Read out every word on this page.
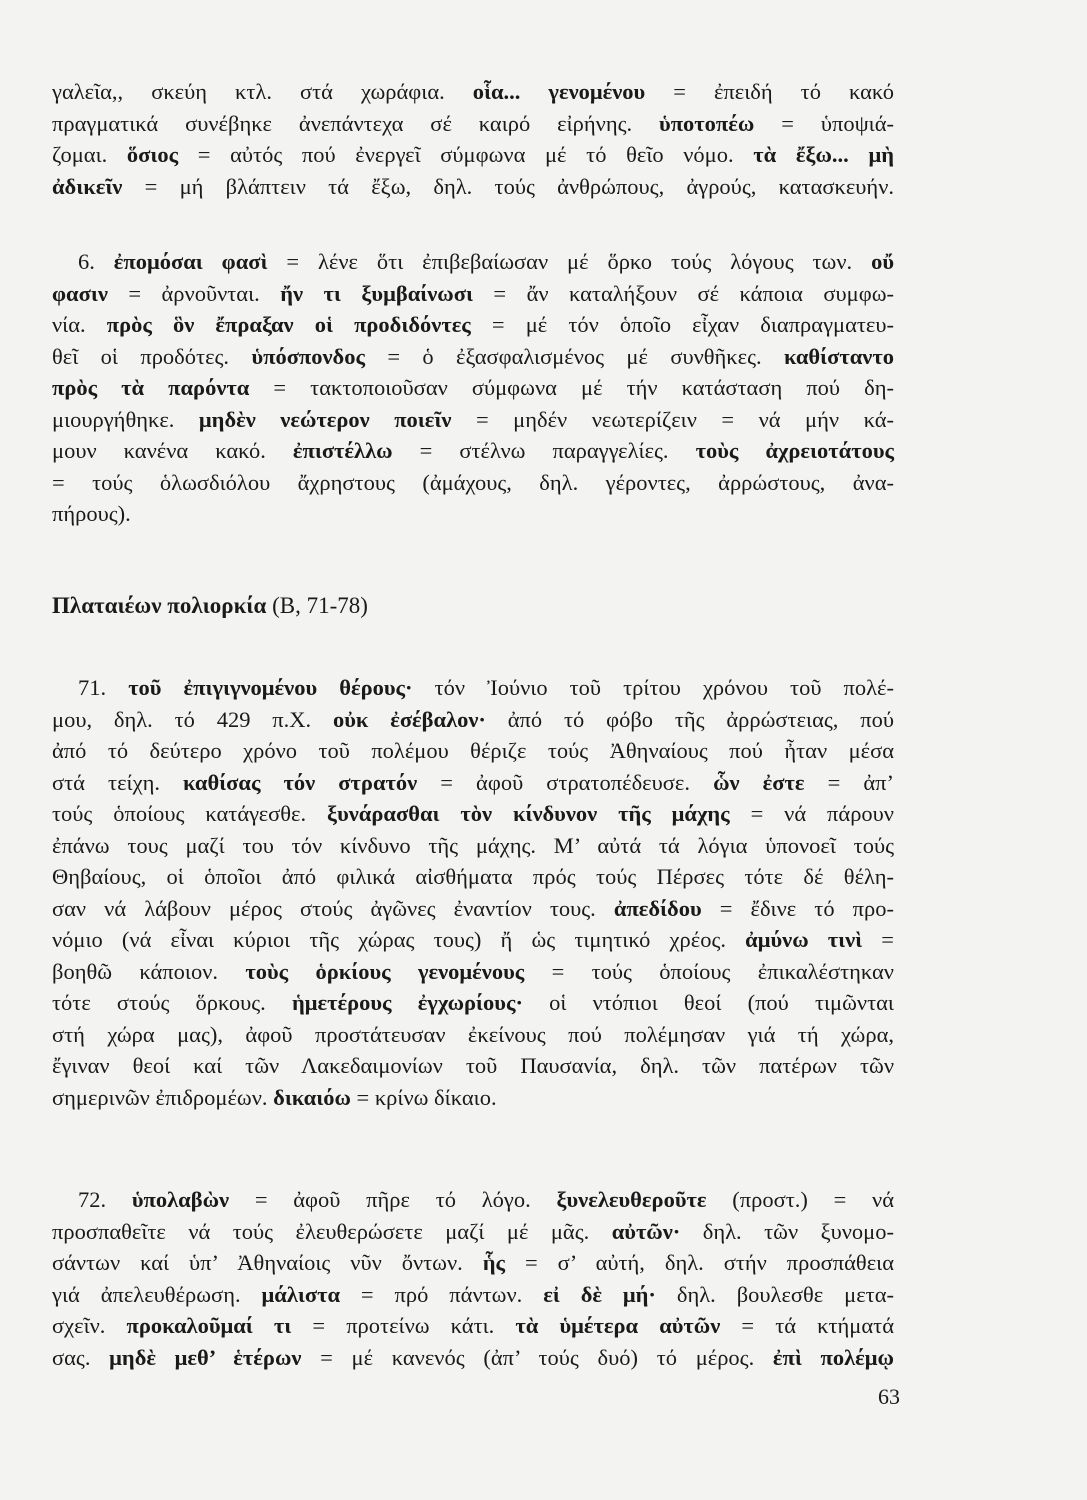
γαλεῖα,, σκεύη κτλ. στά χωράφια. οἷα... γενομένου = ἐπειδή τό κακό
πραγματικά συνέβηκε ἀνεπάντεχα σέ καιρό εἰρήνης. ὑποτοπέω = ὑποψιά-
ζομαι. ὅσιος = αὐτός πού ἐνεργεῖ σύμφωνα μέ τό θεῖο νόμο. τὰ ἔξω... μὴ
ἀδικεῖν = μή βλάπτειν τά ἔξω, δηλ. τούς ἀνθρώπους, ἀγρούς, κατασκευήν.
6. ἐπομόσαι φασὶ = λένε ὅτι ἐπιβεβαίωσαν μέ ὅρκο τούς λόγους των. οὔ
φασιν = ἀρνοῦνται. ἤν τι ξυμβαίνωσι = ἄν καταλήξουν σέ κάποια συμφω-
νία. πρὸς ὃν ἔπραξαν οἱ προδιδόντες = μέ τόν ὁποῖο εἶχαν διαπραγματευ-
θεῖ οἱ προδότες. ὑπόσπονδος = ὁ ἐξασφαλισμένος μέ συνθῆκες. καθίσταντο
πρὸς τὰ παρόντα = τακτοποιοῦσαν σύμφωνα μέ τήν κατάσταση πού δη-
μιουργήθηκε. μηδὲν νεώτερον ποιεῖν = μηδέν νεωτερίζειν = νά μήν κά-
μουν κανένα κακό. ἐπιστέλλω = στέλνω παραγγελίες. τοὺς ἀχρειοτάτους
= τούς ὁλωσδιόλου ἄχρηστους (ἀμάχους, δηλ. γέροντες, ἀρρώστους, ἀνα-
πήρους).
Πλαταιέων πολιορκία (Β, 71-78)
71. τοῦ ἐπιγιγνομένου θέρους· τόν Ἰούνιο τοῦ τρίτου χρόνου τοῦ πολέ-
μου, δηλ. τό 429 π.Χ. οὐκ ἐσέβαλον· ἀπό τό φόβο τῆς ἀρρώστειας, πού
ἀπό τό δεύτερο χρόνο τοῦ πολέμου θέριζε τούς Ἀθηναίους πού ἦταν μέσα
στά τείχη. καθίσας τόν στρατόν = ἀφοῦ στρατοπέδευσε. ὧν ἐστε = ἀπ’
τούς ὁποίους κατάγεσθε. ξυνάρασθαι τὸν κίνδυνον τῆς μάχης = νά πάρουν
ἐπάνω τους μαζί του τόν κίνδυνο τῆς μάχης. Μ’ αὐτά τά λόγια ὑπονοεῖ τούς
Θηβαίους, οἱ ὁποῖοι ἀπό φιλικά αἰσθήματα πρός τούς Πέρσες τότε δέ θέλη-
σαν νά λάβουν μέρος στούς ἀγῶνες ἐναντίον τους. ἀπεδίδου = ἔδινε τό προ-
νόμιο (νά εἶναι κύριοι τῆς χώρας τους) ἤ ὡς τιμητικό χρέος. ἀμύνω τινὶ =
βοηθῶ κάποιον. τοὺς ὁρκίους γενομένους = τούς ὁποίους ἐπικαλέστηκαν
τότε στούς ὅρκους. ἡμετέρους ἐγχωρίους· οἱ ντόπιοι θεοί (πού τιμῶνται
στή χώρα μας), ἀφοῦ προστάτευσαν ἐκείνους πού πολέμησαν γιά τή χώρα,
ἔγιναν θεοί καί τῶν Λακεδαιμονίων τοῦ Παυσανία, δηλ. τῶν πατέρων τῶν
σημερινῶν ἐπιδρομέων. δικαιόω = κρίνω δίκαιο.
72. ὑπολαβὼν = ἀφοῦ πῆρε τό λόγο. ξυνελευθεροῦτε (προστ.) = νά
προσπαθεῖτε νά τούς ἐλευθερώσετε μαζί μέ μᾶς. αὐτῶν· δηλ. τῶν ξυνομο-
σάντων καί ὑπ’ Ἀθηναίοις νῦν ὄντων. ἧς = σ’ αὐτή, δηλ. στήν προσπάθεια
γιά ἀπελευθέρωση. μάλιστα = πρό πάντων. εἰ δὲ μή· δηλ. βουλεσθε μετα-
σχεῖν. προκαλοῦμαί τι = προτείνω κάτι. τὰ ὑμέτερα αὐτῶν = τά κτήματά
σας. μηδὲ μεθ’ ἑτέρων = μέ κανενός (ἀπ’ τούς δυό) τό μέρος. ἐπὶ πολέμῳ
63
